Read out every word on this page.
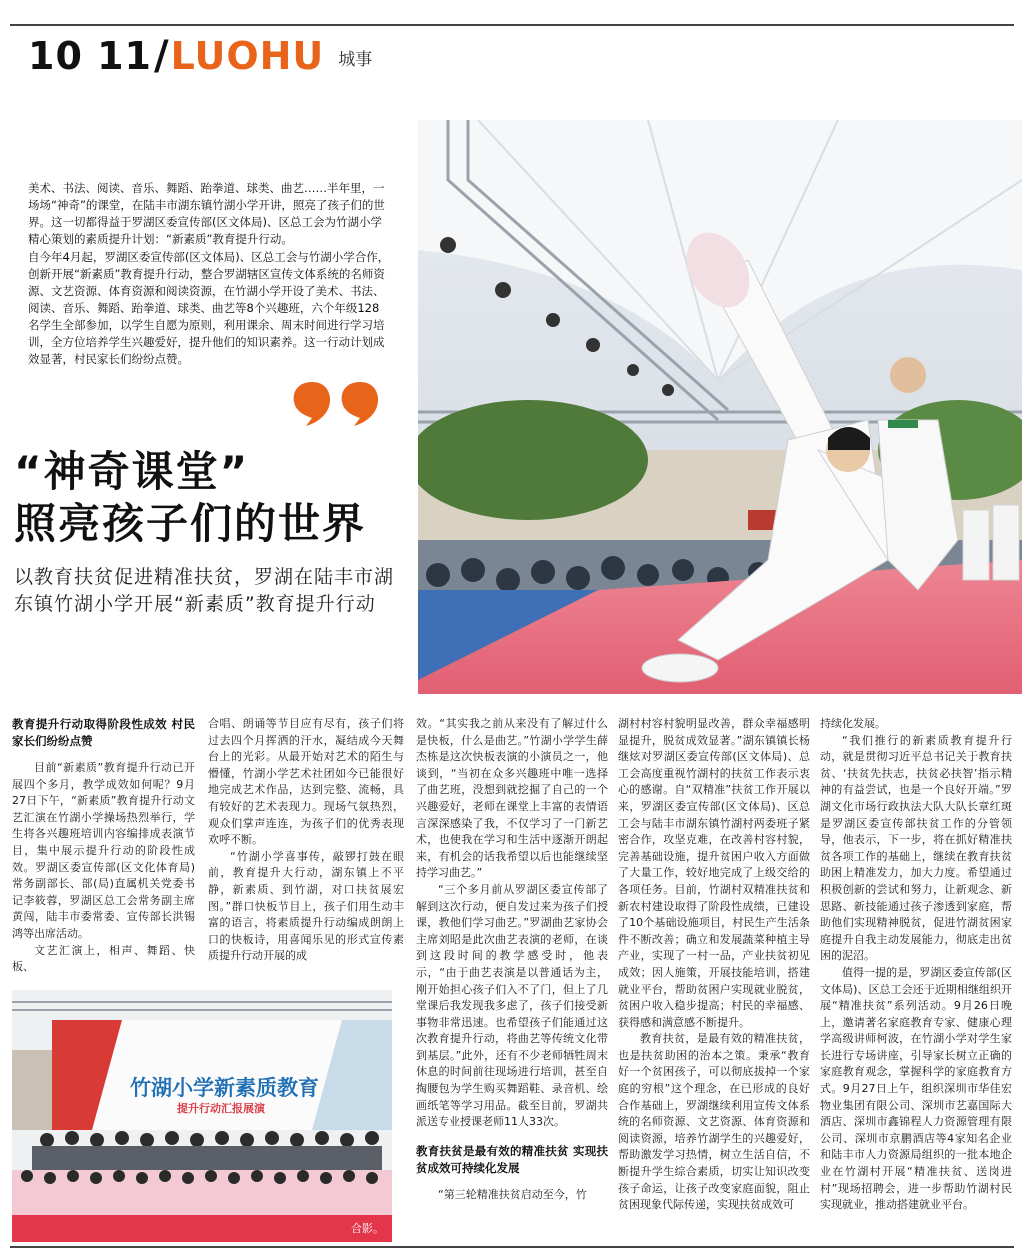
10 11 / LUOHU 城事

美术、书法、阅读、音乐、舞蹈、跆拳道、球类、曲艺……半年里，一场场“神奇”的课堂，在陆丰市湖东镇竹湖小学开讲，照亮了孩子们的世界。这一切都得益于罗湖区委宣传部(区文体局)、区总工会为竹湖小学精心策划的素质提升计划：“新素质”教育提升行动。

自今年4月起，罗湖区委宣传部(区文体局)、区总工会与竹湖小学合作，创新开展“新素质”教育提升行动，整合罗湖辖区宣传文体系统的名师资源、文艺资源、体育资源和阅读资源，在竹湖小学开设了美术、书法、阅读、音乐、舞蹈、跆拳道、球类、曲艺等8个兴趣班，六个年级128名学生全部参加，以学生自愿为原则，利用课余、周末时间进行学习培训，全方位培养学生兴趣爱好，提升他们的知识素养。这一行动计划成效显著，村民家长们纷纷点赞。

“神奇课堂”
照亮孩子们的世界
以教育扶贫促进精准扶贫，罗湖在陆丰市湖东镇竹湖小学开展“新素质”教育提升行动
教育提升行动取得阶段性成效 村民家长们纷纷点赞

目前“新素质”教育提升行动已开展四个多月，教学成效如何呢？9月27日下午，“新素质”教育提升行动文艺汇演在竹湖小学操场热烈举行，学生将各兴趣班培训内容编排成表演节目，集中展示提升行动的阶段性成效。罗湖区委宣传部(区文化体育局)常务副部长、部(局)直属机关党委书记李筱蓉，罗湖区总工会常务副主席黄闯，陆丰市委常委、宣传部长洪锡鸿等出席活动。

文艺汇演上，相声、舞蹈、快板、

合唱、朗诵等节目应有尽有，孩子们将过去四个月挥洒的汗水，凝结成今天舞台上的光彩。从最开始对艺术的陌生与懵懂，竹湖小学艺术社团如今已能很好地完成艺术作品，达到完整、流畅，具有较好的艺术表现力。现场气氛热烈，观众们掌声连连，为孩子们的优秀表现欢呼不断。

“竹湖小学喜事传，敲锣打鼓在眼前，教育提升大行动，湖东镇上不平静，新素质、到竹湖，对口扶贫展宏图。”群口快板节目上，孩子们用生动丰富的语言，将素质提升行动编成朗朗上口的快板诗，用喜闻乐见的形式宣传素质提升行动开展的成

效。“其实我之前从来没有了解过什么是快板，什么是曲艺。”竹湖小学学生薛杰栋是这次快板表演的小演员之一，他谈到，“当初在众多兴趣班中唯一选择了曲艺班，没想到就挖掘了自己的一个兴趣爱好，老师在课堂上丰富的表情语言深深感染了我，不仅学习了一门新艺术，也使我在学习和生活中逐渐开朗起来，有机会的话我希望以后也能继续坚持学习曲艺。”

“三个多月前从罗湖区委宣传部了解到这次行动，便自发过来为孩子们授课，教他们学习曲艺。”罗湖曲艺家协会主席刘昭是此次曲艺表演的老师，在谈到这段时间的教学感受时，他表示，“由于曲艺表演是以普通话为主，刚开始担心孩子们入不了门，但上了几堂课后我发现我多虑了，孩子们接受新事物非常迅速。也希望孩子们能通过这次教育提升行动，将曲艺等传统文化带到基层。”此外，还有不少老师牺牲周末休息的时间前往现场进行培训，甚至自掏腰包为学生购买舞蹈鞋、录音机、绘画纸笔等学习用品。截至目前，罗湖共派送专业授课老师11人33次。

教育扶贫是最有效的精准扶贫 实现扶贫成效可持续化发展

“第三轮精准扶贫启动至今，竹

湖村村容村貌明显改善，群众幸福感明显提升，脱贫成效显著。”湖东镇镇长杨继炫对罗湖区委宣传部(区文体局)、总工会高度重视竹湖村的扶贫工作表示衷心的感谢。自“双精准”扶贫工作开展以来，罗湖区委宣传部(区文体局)、区总工会与陆丰市湖东镇竹湖村两委班子紧密合作，攻坚克难，在改善村容村貌，完善基础设施，提升贫困户收入方面做了大量工作，较好地完成了上级交给的各项任务。目前，竹湖村双精准扶贫和新农村建设取得了阶段性成绩，已建设了10个基础设施项目，村民生产生活条件不断改善；确立和发展蔬菜种植主导产业，实现了一村一品，产业扶贫初见成效；因人施策，开展技能培训，搭建就业平台，帮助贫困户实现就业脱贫，贫困户收入稳步提高；村民的幸福感、获得感和满意感不断提升。

教育扶贫，是最有效的精准扶贫，也是扶贫助困的治本之策。秉承“教育好一个贫困孩子，可以彻底拔掉一个家庭的穷根”这个理念，在已形成的良好合作基础上，罗湖继续利用宣传文体系统的名师资源、文艺资源、体育资源和阅读资源，培养竹湖学生的兴趣爱好，帮助激发学习热情，树立生活自信，不断提升学生综合素质，切实让知识改变孩子命运，让孩子改变家庭面貌，阻止贫困现象代际传递，实现扶贫成效可

持续化发展。

“我们推行的新素质教育提升行动，就是贯彻习近平总书记关于教育扶贫、‘扶贫先扶志，扶贫必扶智’指示精神的有益尝试，也是一个良好开端。”罗湖文化市场行政执法大队大队长章红斑是罗湖区委宣传部扶贫工作的分管领导，他表示，下一步，将在抓好精准扶贫各项工作的基础上，继续在教育扶贫助困上精准发力，加大力度。希望通过积极创新的尝试和努力，让新观念、新思路、新技能通过孩子渗透到家庭，帮助他们实现精神脱贫，促进竹湖贫困家庭提升自我主动发展能力，彻底走出贫困的泥沼。

值得一提的是，罗湖区委宣传部(区文体局)、区总工会还于近期相继组织开展“精准扶贫”系列活动。9月26日晚上，邀请著名家庭教育专家、健康心理学高级讲师柯波，在竹湖小学对学生家长进行专场讲座，引导家长树立正确的家庭教育观念，掌握科学的家庭教育方式。9月27日上午，组织深圳市华佳宏物业集团有限公司、深圳市艺嘉国际大酒店、深圳市鑫锦程人力资源管理有限公司、深圳市京鹏酒店等4家知名企业和陆丰市人力资源局组织的一批本地企业在竹湖村开展“精准扶贫、送岗进村”现场招聘会，进一步帮助竹湖村民实现就业，推动搭建就业平台。

竹湖小学新素质教育
提升行动汇报展演
合影。
